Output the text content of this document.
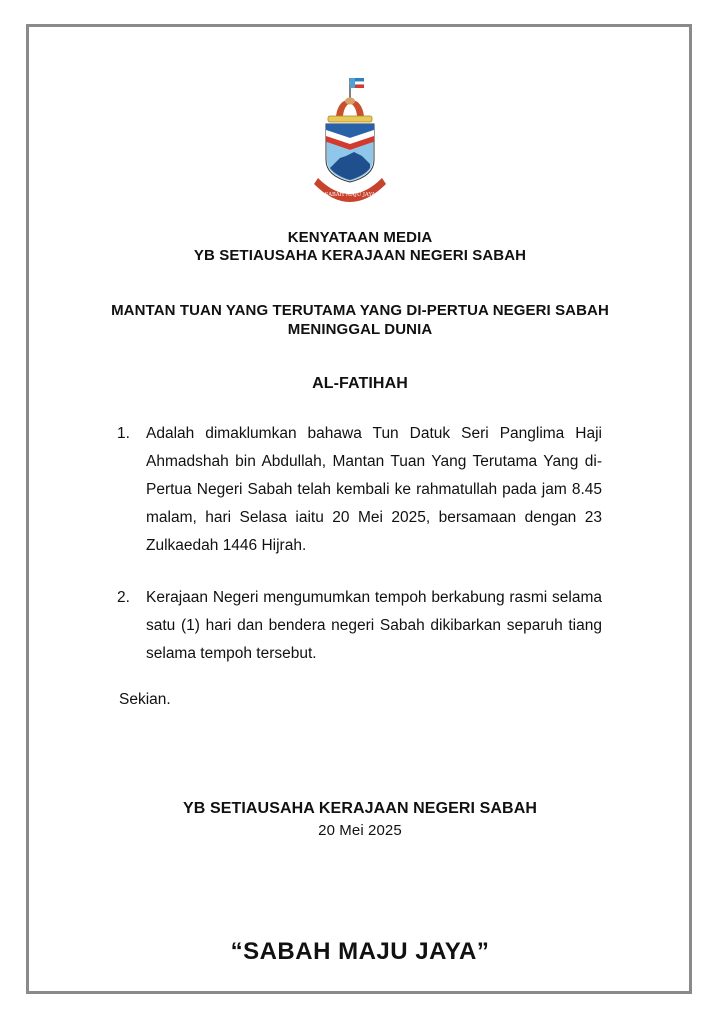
SABAH MAJU JAYA
KENYATAAN MEDIA
YB SETIAUSAHA KERAJAAN NEGERI SABAH
MANTAN TUAN YANG TERUTAMA YANG DI-PERTUA NEGERI SABAH
MENINGGAL DUNIA
AL-FATIHAH
1. Adalah dimaklumkan bahawa Tun Datuk Seri Panglima Haji
Ahmadshah bin Abdullah, Mantan Tuan Yang Terutama Yang di-
Pertua Negeri Sabah telah kembali ke rahmatullah pada jam 8.45
malam, hari Selasa iaitu 20 Mei 2025, bersamaan dengan 23
Zulkaedah 1446 Hijrah.
2. Kerajaan Negeri mengumumkan tempoh berkabung rasmi selama
satu (1) hari dan bendera negeri Sabah dikibarkan separuh tiang
selama tempoh tersebut.
Sekian.
YB SETIAUSAHA KERAJAAN NEGERI SABAH
20 Mei 2025
“SABAH MAJU JAYA”
